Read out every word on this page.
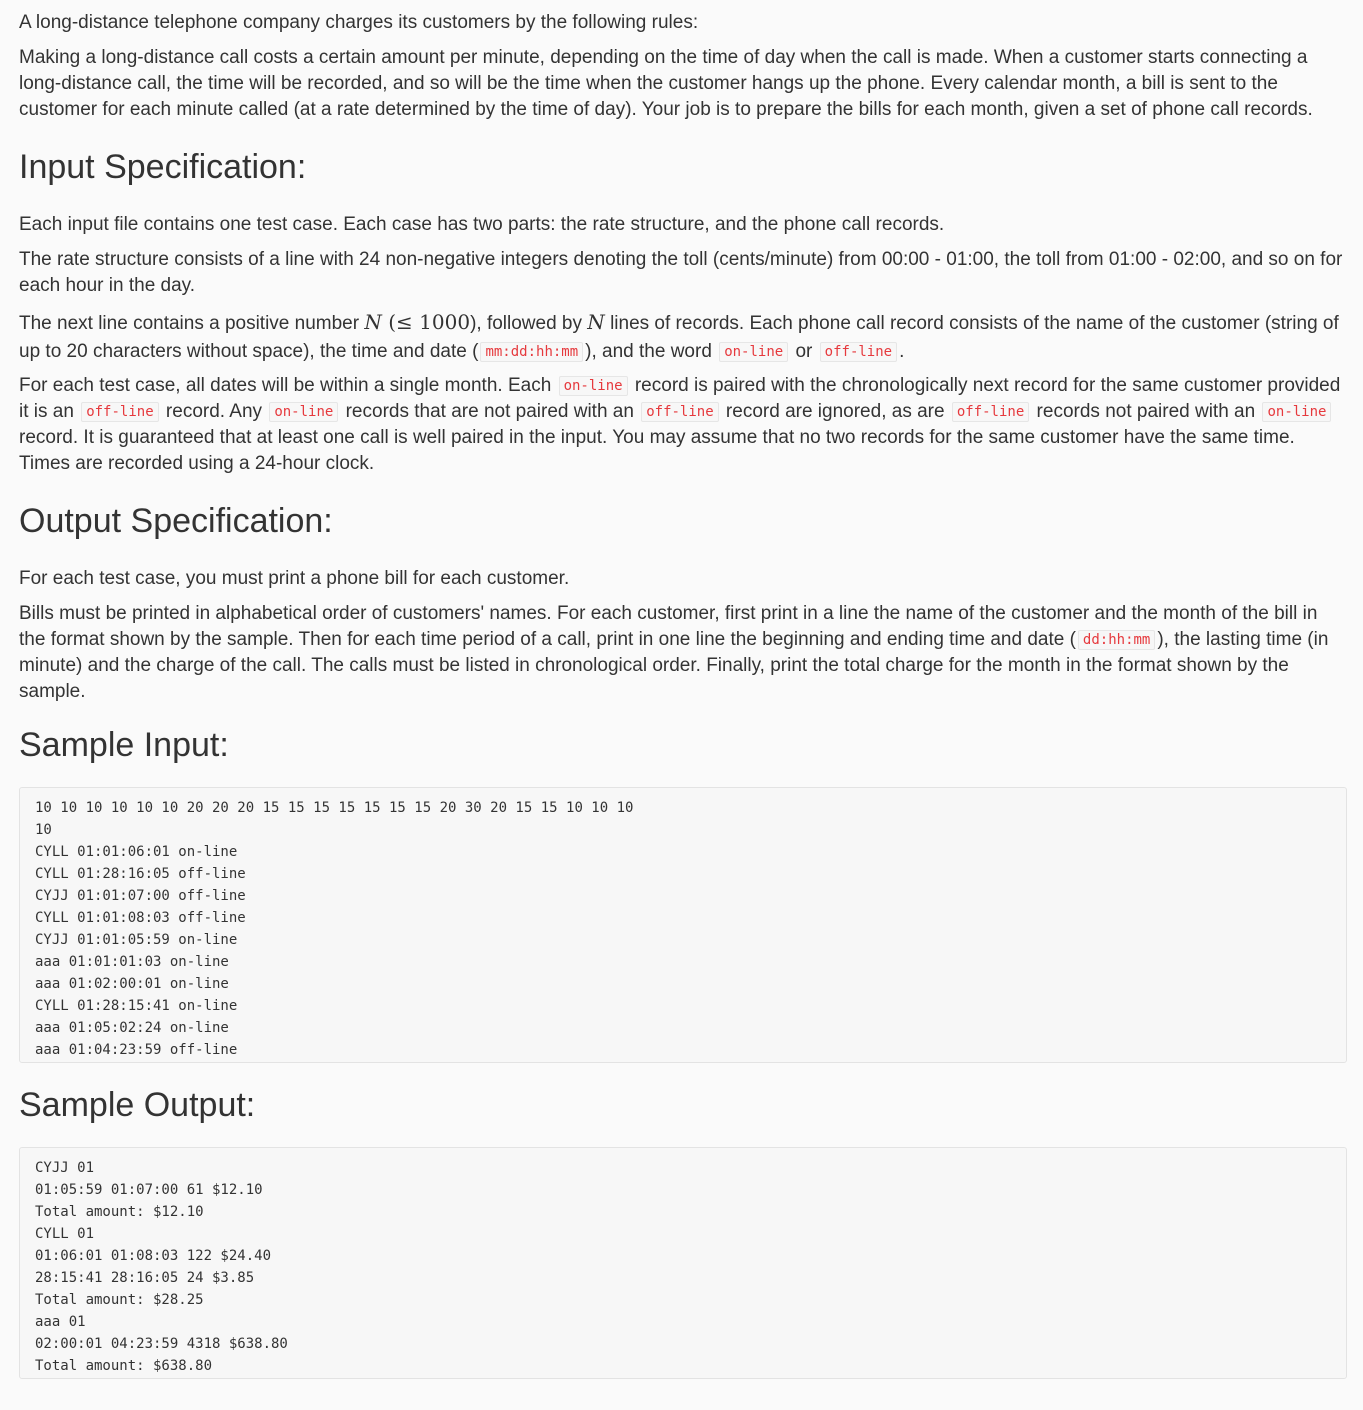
A long-distance telephone company charges its customers by the following rules:

Making a long-distance call costs a certain amount per minute, depending on the time of day when the call is made. When a customer starts connecting a long-distance call, the time will be recorded, and so will be the time when the customer hangs up the phone. Every calendar month, a bill is sent to the customer for each minute called (at a rate determined by the time of day). Your job is to prepare the bills for each month, given a set of phone call records.

Input Specification:

Each input file contains one test case. Each case has two parts: the rate structure, and the phone call records.

The rate structure consists of a line with 24 non-negative integers denoting the toll (cents/minute) from 00:00 - 01:00, the toll from 01:00 - 02:00, and so on for each hour in the day.

The next line contains a positive number N (≤ 1000), followed by N lines of records. Each phone call record consists of the name of the customer (string of up to 20 characters without space), the time and date ( mm:dd:hh:mm ), and the word on-line or off-line .

For each test case, all dates will be within a single month. Each on-line record is paired with the chronologically next record for the same customer provided it is an off-line record. Any on-line records that are not paired with an off-line record are ignored, as are off-line records not paired with an on-line record. It is guaranteed that at least one call is well paired in the input. You may assume that no two records for the same customer have the same time. Times are recorded using a 24-hour clock.

Output Specification:

For each test case, you must print a phone bill for each customer.

Bills must be printed in alphabetical order of customers' names. For each customer, first print in a line the name of the customer and the month of the bill in the format shown by the sample. Then for each time period of a call, print in one line the beginning and ending time and date ( dd:hh:mm ), the lasting time (in minute) and the charge of the call. The calls must be listed in chronological order. Finally, print the total charge for the month in the format shown by the sample.

Sample Input:
10 10 10 10 10 10 20 20 20 15 15 15 15 15 15 15 20 30 20 15 15 10 10 10
10
CYLL 01:01:06:01 on-line
CYLL 01:28:16:05 off-line
CYJJ 01:01:07:00 off-line
CYLL 01:01:08:03 off-line
CYJJ 01:01:05:59 on-line
aaa 01:01:01:03 on-line
aaa 01:02:00:01 on-line
CYLL 01:28:15:41 on-line
aaa 01:05:02:24 on-line
aaa 01:04:23:59 off-line
Sample Output:
CYJJ 01
01:05:59 01:07:00 61 $12.10
Total amount: $12.10
CYLL 01
01:06:01 01:08:03 122 $24.40
28:15:41 28:16:05 24 $3.85
Total amount: $28.25
aaa 01
02:00:01 04:23:59 4318 $638.80
Total amount: $638.80
